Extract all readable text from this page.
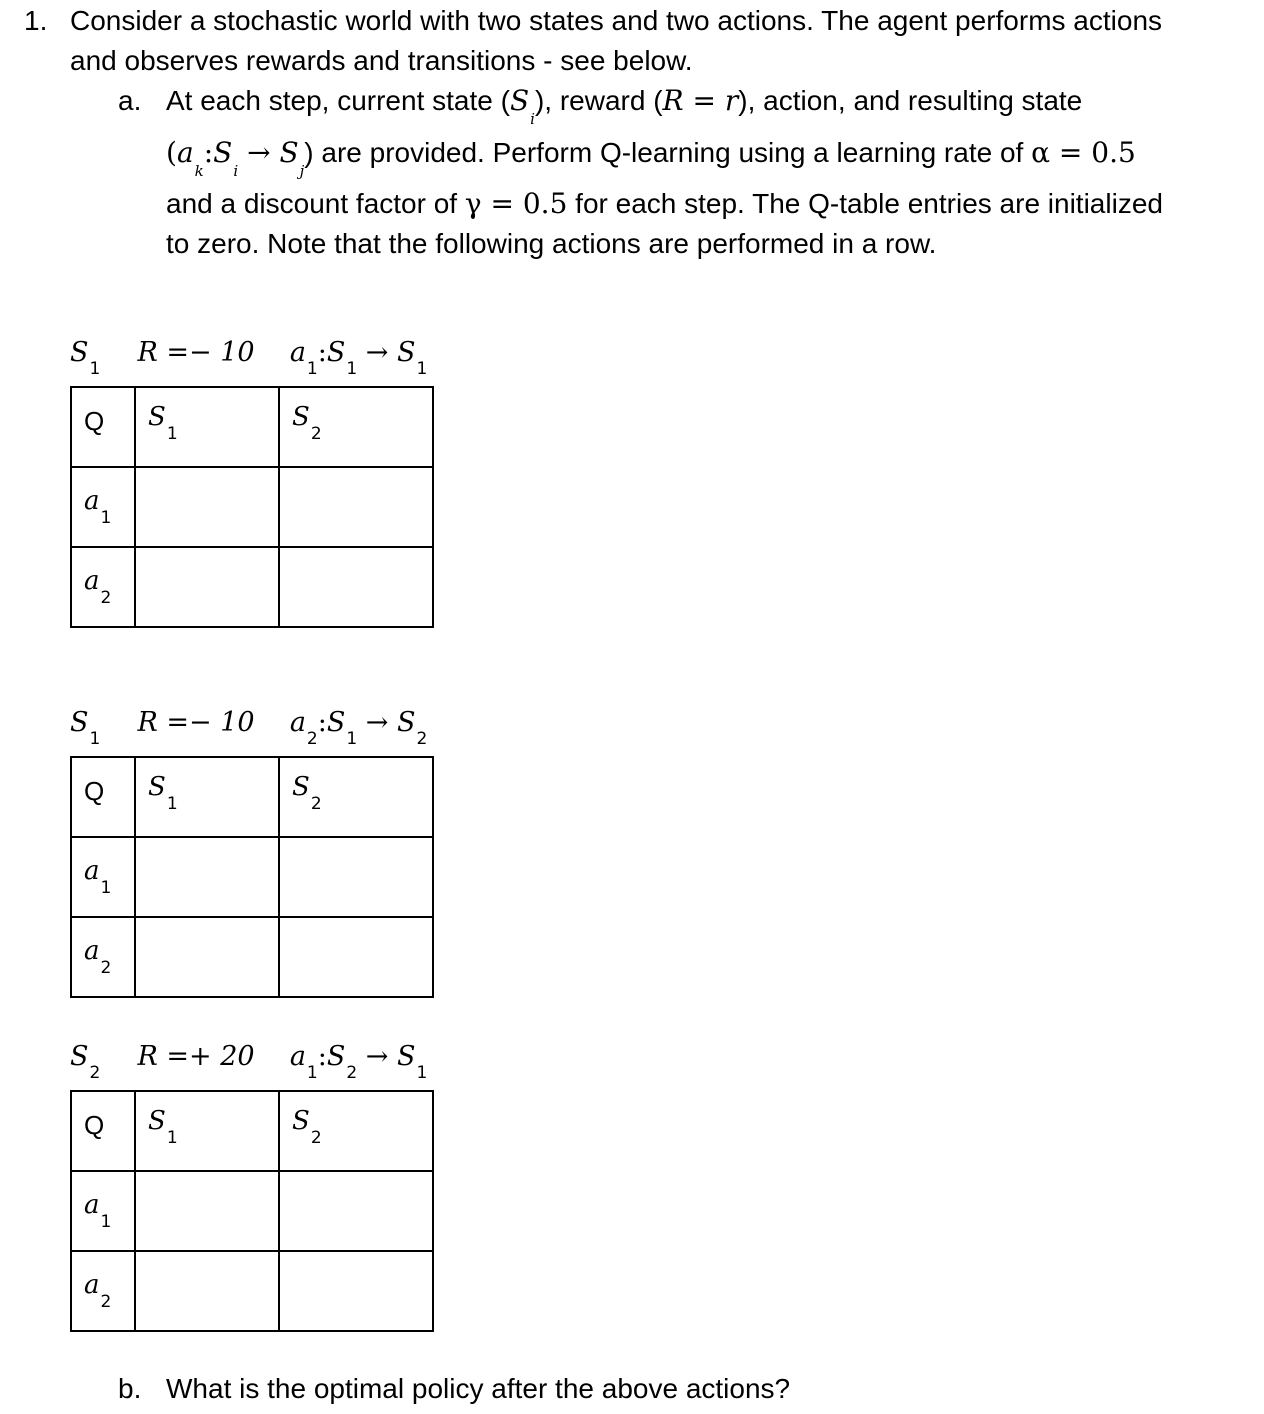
1. Consider a stochastic world with two states and two actions. The agent performs actions
and observes rewards and transitions - see below.
a. At each step, current state $(S_i)$, reward (R = r), action, and resulting state
$(a_k:S_i \to S_j)$ are provided. Perform Q-learning using a learning rate of α = 0.5
and a discount factor of γ = 0.5 for each step. The Q-table entries are initialized
to zero. Note that the following actions are performed in a row.
$S_1$  R =− 10 $a_1:S_1 \to S_1$
Q	$S_1$	$S_2$

$a_1$

$a_2$

$S_1$  R =− 10 $a_2:S_1 \to S_2$
Q	$S_1$	$S_2$

$a_1$

$a_2$

$S_2$  R =+ 20 $a_1:S_2 \to S_1$
Q	$S_1$	$S_2$

$a_1$

$a_2$

b. What is the optimal policy after the above actions?
